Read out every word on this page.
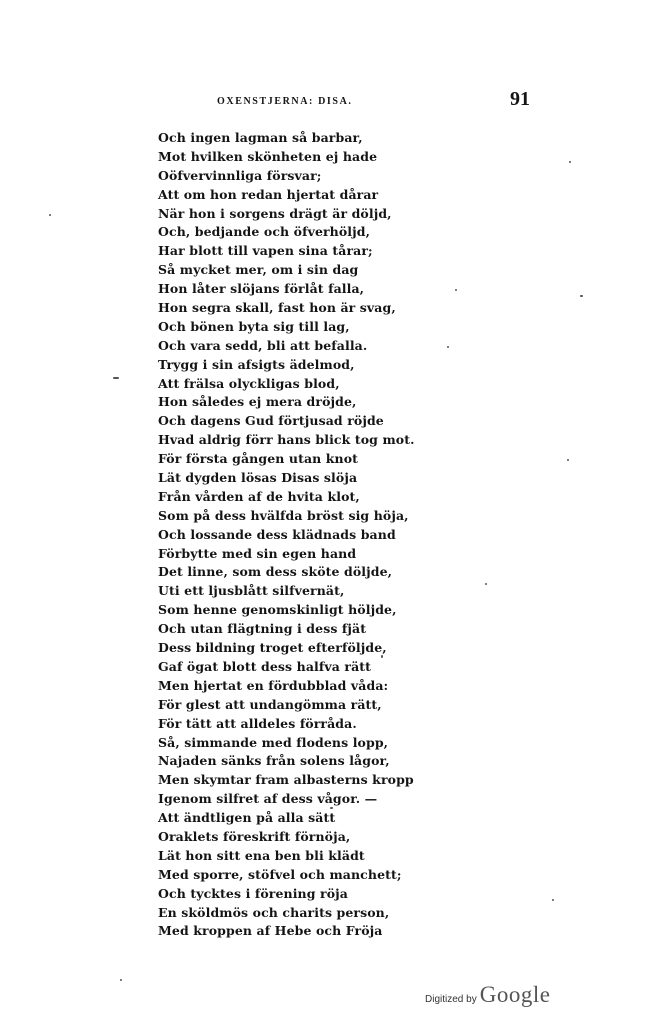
OXENSTJERNA: DISA.	91
Och ingen lagman så barbar,
Mot hvilken skönheten ej hade
Oöfvervinnliga försvar;
Att om hon redan hjertat dårar
När hon i sorgens drägt är döljd,
Och, bedjande och öfverhöljd,
Har blott till vapen sina tårar;
Så mycket mer, om i sin dag
Hon låter slöjans förlåt falla,
Hon segra skall, fast hon är svag,
Och bönen byta sig till lag,
Och vara sedd, bli att befalla.
Trygg i sin afsigts ädelmod,
Att frälsa olyckligas blod,
Hon således ej mera dröjde,
Och dagens Gud förtjusad röjde
Hvad aldrig förr hans blick tog mot.
För första gången utan knot
Lät dygden lösas Disas slöja
Från vården af de hvita klot,
Som på dess hvälfda bröst sig höja,
Och lossande dess klädnads band
Förbytte med sin egen hand
Det linne, som dess sköte döljde,
Uti ett ljusblått silfvernät,
Som henne genomskinligt höljde,
Och utan flägtning i dess fjät
Dess bildning troget efterföljde,
Gaf ögat blott dess halfva rätt
Men hjertat en fördubblad våda:
För glest att undangömma rätt,
För tätt att alldeles förråda.
Så, simmande med flodens lopp,
Najaden sänks från solens lågor,
Men skymtar fram albasterns kropp
Igenom silfret af dess vågor. —
Att ändtligen på alla sätt
Oraklets föreskrift förnöja,
Lät hon sitt ena ben bli klädt
Med sporre, stöfvel och manchett;
Och tycktes i förening röja
En sköldmös och charits person,
Med kroppen af Hebe och Fröja
Digitized by Google
